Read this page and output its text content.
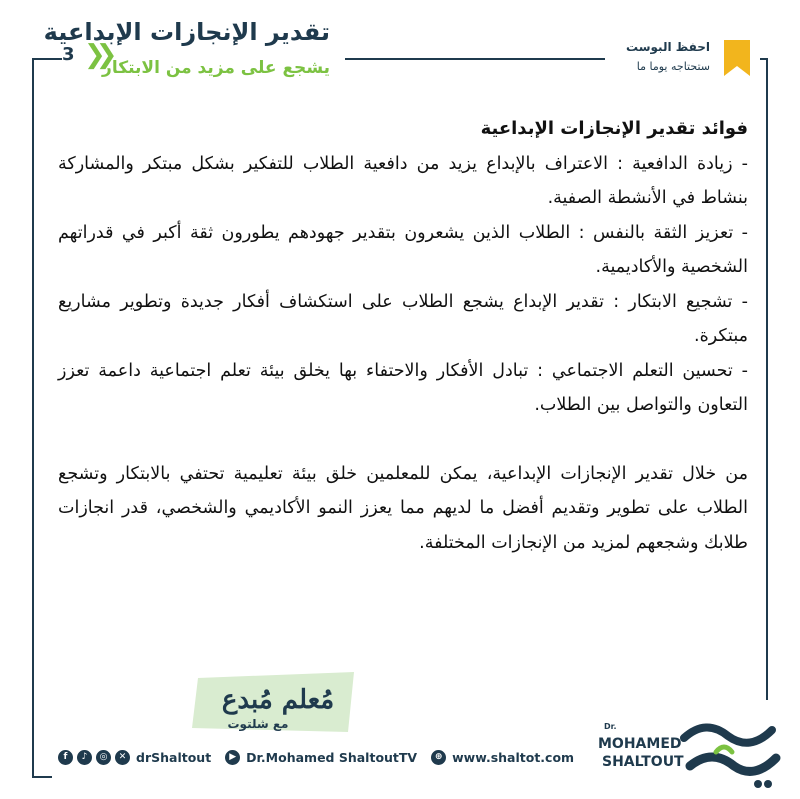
تقدير الإنجازات الإبداعية
يشجع على مزيد من الابتكار
3 ❯❯	احفظ البوست
ستحتاجه يوما ما
فوائد تقدير الإنجازات الإبداعية
- زيادة الدافعية : الاعتراف بالإبداع يزيد من دافعية الطلاب للتفكير بشكل مبتكر والمشاركة بنشاط في الأنشطة الصفية.
- تعزيز الثقة بالنفس : الطلاب الذين يشعرون بتقدير جهودهم يطورون ثقة أكبر في قدراتهم الشخصية والأكاديمية.
- تشجيع الابتكار : تقدير الإبداع يشجع الطلاب على استكشاف أفكار جديدة وتطوير مشاريع مبتكرة.
- تحسين التعلم الاجتماعي : تبادل الأفكار والاحتفاء بها يخلق بيئة تعلم اجتماعية داعمة تعزز التعاون والتواصل بين الطلاب.
من خلال تقدير الإنجازات الإبداعية، يمكن للمعلمين خلق بيئة تعليمية تحتفي بالابتكار وتشجع الطلاب على تطوير وتقديم أفضل ما لديهم مما يعزز النمو الأكاديمي والشخصي، قدر انجازات طلابك وشجعهم لمزيد من الإنجازات المختلفة.
مُعلم مُبدع
مع شلتوت	Dr.
MOHAMED
SHALTOUT
f	♪	◎	✕ drShaltout	▶ Dr.Mohamed ShaltoutTV	⊕ www.shaltot.com
